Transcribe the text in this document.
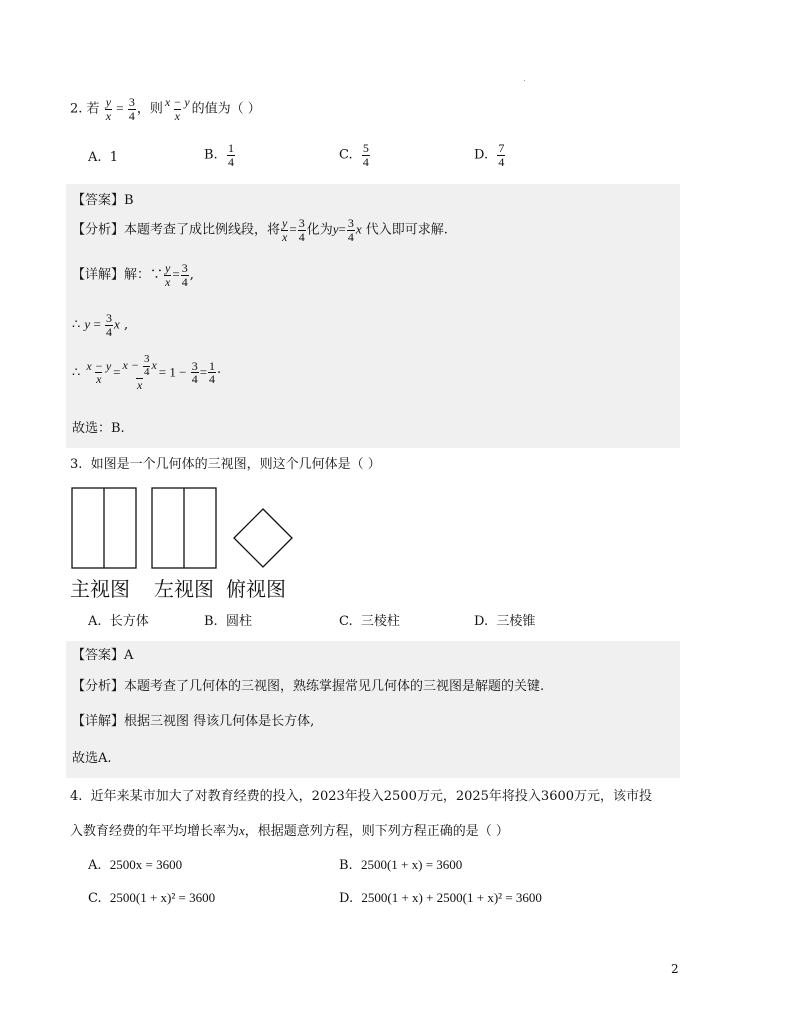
2. 若 $\frac{y}{x} = \frac{3}{4}$ ，则 $\frac{x - y}{x}$ 的值为（ ）
A. 1	B. $\frac{1}{4}$	C. $\frac{5}{4}$	D. $\frac{7}{4}$
【答案】B
【分析】本题考查了成比例线段，将 $\frac{y}{x} = \frac{3}{4}$ 化为$y= \frac{3}{4}$ x 代入即可求解.
【详解】解：∵ $\frac{y}{x} = \frac{3}{4}$ ,
∴ $y = \frac{3}{4}$ x ,
∴ $\frac{x - y}{x} = \frac{x - \frac{3}{4} x}{x} = 1 - \frac{3}{4} = \frac{1}{4}$ ·
故选：B.
3. 如图是一个几何体的三视图，则这个几何体是（ ）
主视图 左视图 俯视图
A. 长方体	B. 圆柱	C. 三棱柱	D. 三棱锥
【答案】A
【分析】本题考查了几何体的三视图，熟练掌握常见几何体的三视图是解题的关键.
【详解】根据三视图 得该几何体是长方体,
故选A.
4. 近年来某市加大了对教育经费的投入，2023年投入2500万元，2025年将投入3600万元，该市投
入教育经费的年平均增长率为x，根据题意列方程，则下列方程正确的是（ ）
A. 2500x = 3600	B. 2500(1 + x) = 3600
C. 2500(1 + x)² = 3600	D. 2500(1 + x) + 2500(1 + x)² = 3600
2
